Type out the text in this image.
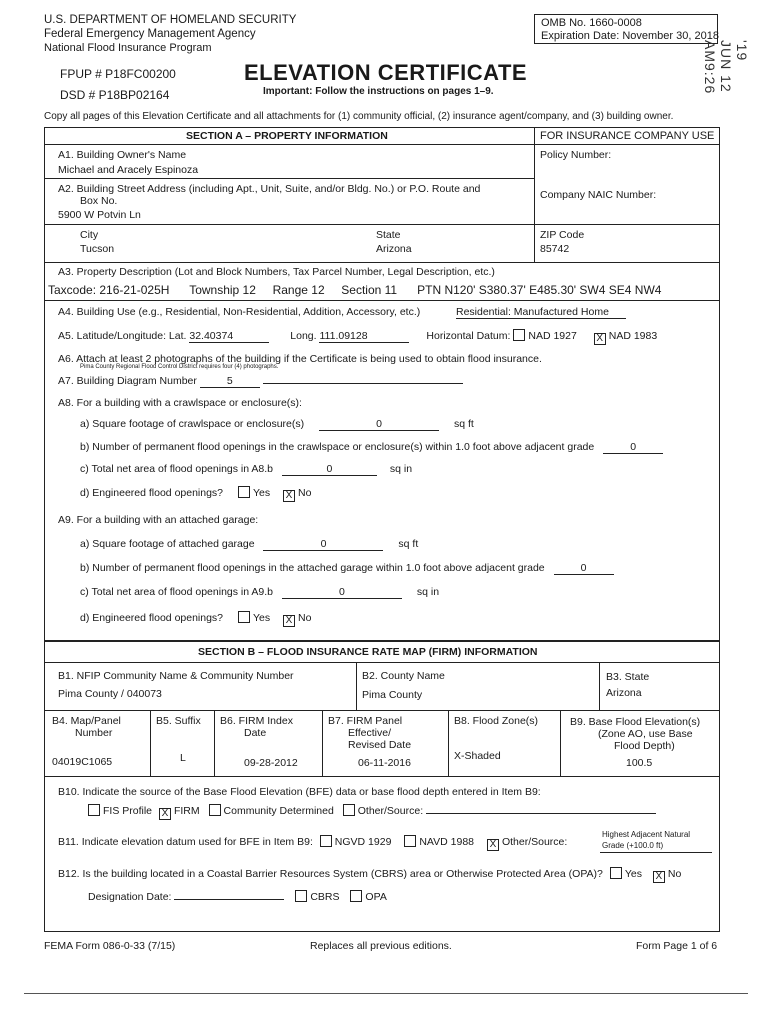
U.S. DEPARTMENT OF HOMELAND SECURITY
Federal Emergency Management Agency
National Flood Insurance Program
OMB No. 1660-0008
Expiration Date: November 30, 2018
'19 JUN 12 AM9:26
FPUP # P18FC00200
DSD # P18BP02164
ELEVATION CERTIFICATE
Important: Follow the instructions on pages 1–9.
Copy all pages of this Elevation Certificate and all attachments for (1) community official, (2) insurance agent/company, and (3) building owner.
SECTION A – PROPERTY INFORMATION	FOR INSURANCE COMPANY USE
Policy Number:
Company NAIC Number:
A1. Building Owner's Name
Michael and Aracely Espinoza
A2. Building Street Address (including Apt., Unit, Suite, and/or Bldg. No.) or P.O. Route and
Box No.
5900 W Potvin Ln
City
Tucson
State
Arizona
ZIP Code
85742
A3. Property Description (Lot and Block Numbers, Tax Parcel Number, Legal Description, etc.)
Taxcode: 216-21-025H      Township 12     Range 12     Section 11      PTN N120' S380.37' E485.30' SW4 SE4 NW4
A4. Building Use (e.g., Residential, Non-Residential, Addition, Accessory, etc.)	Residential: Manufactured Home
A5. Latitude/Longitude: Lat. 32.40374	Long. 111.09128	Horizontal Datum: NAD 1927 X NAD 1983
A6. Attach at least 2 photographs of the building if the Certificate is being used to obtain flood insurance.
Pima County Regional Flood Control District requires four (4) photographs.
A7. Building Diagram Number	5
A8. For a building with a crawlspace or enclosure(s):
a) Square footage of crawlspace or enclosure(s)	0	sq ft
b) Number of permanent flood openings in the crawlspace or enclosure(s) within 1.0 foot above adjacent grade	0
c) Total net area of flood openings in A8.b	0	sq in
d) Engineered flood openings?	Yes X No
A9. For a building with an attached garage:
a) Square footage of attached garage	0	sq ft
b) Number of permanent flood openings in the attached garage within 1.0 foot above adjacent grade	0
c) Total net area of flood openings in A9.b	0	sq in
d) Engineered flood openings?	Yes X No
SECTION B – FLOOD INSURANCE RATE MAP (FIRM) INFORMATION
B1. NFIP Community Name & Community Number
Pima County / 040073
B2. County Name
Pima County
B3. State
Arizona
B4. Map/Panel
Number
04019C1065
B5. Suffix
L
B6. FIRM Index
Date
09-28-2012
B7. FIRM Panel
Effective/
Revised Date
06-11-2016
B8. Flood Zone(s)
X-Shaded
B9. Base Flood Elevation(s)
(Zone AO, use Base
Flood Depth)
100.5
B10. Indicate the source of the Base Flood Elevation (BFE) data or base flood depth entered in Item B9:
FIS Profile X FIRM Community Determined Other/Source:
B11. Indicate elevation datum used for BFE in Item B9: NGVD 1929	NAVD 1988 X Other/Source:
Highest Adjacent Natural
Grade (+100.0 ft)
B12. Is the building located in a Coastal Barrier Resources System (CBRS) area or Otherwise Protected Area (OPA)? Yes X No
Designation Date:	CBRS OPA
FEMA Form 086-0-33 (7/15)	Replaces all previous editions.	Form Page 1 of 6
